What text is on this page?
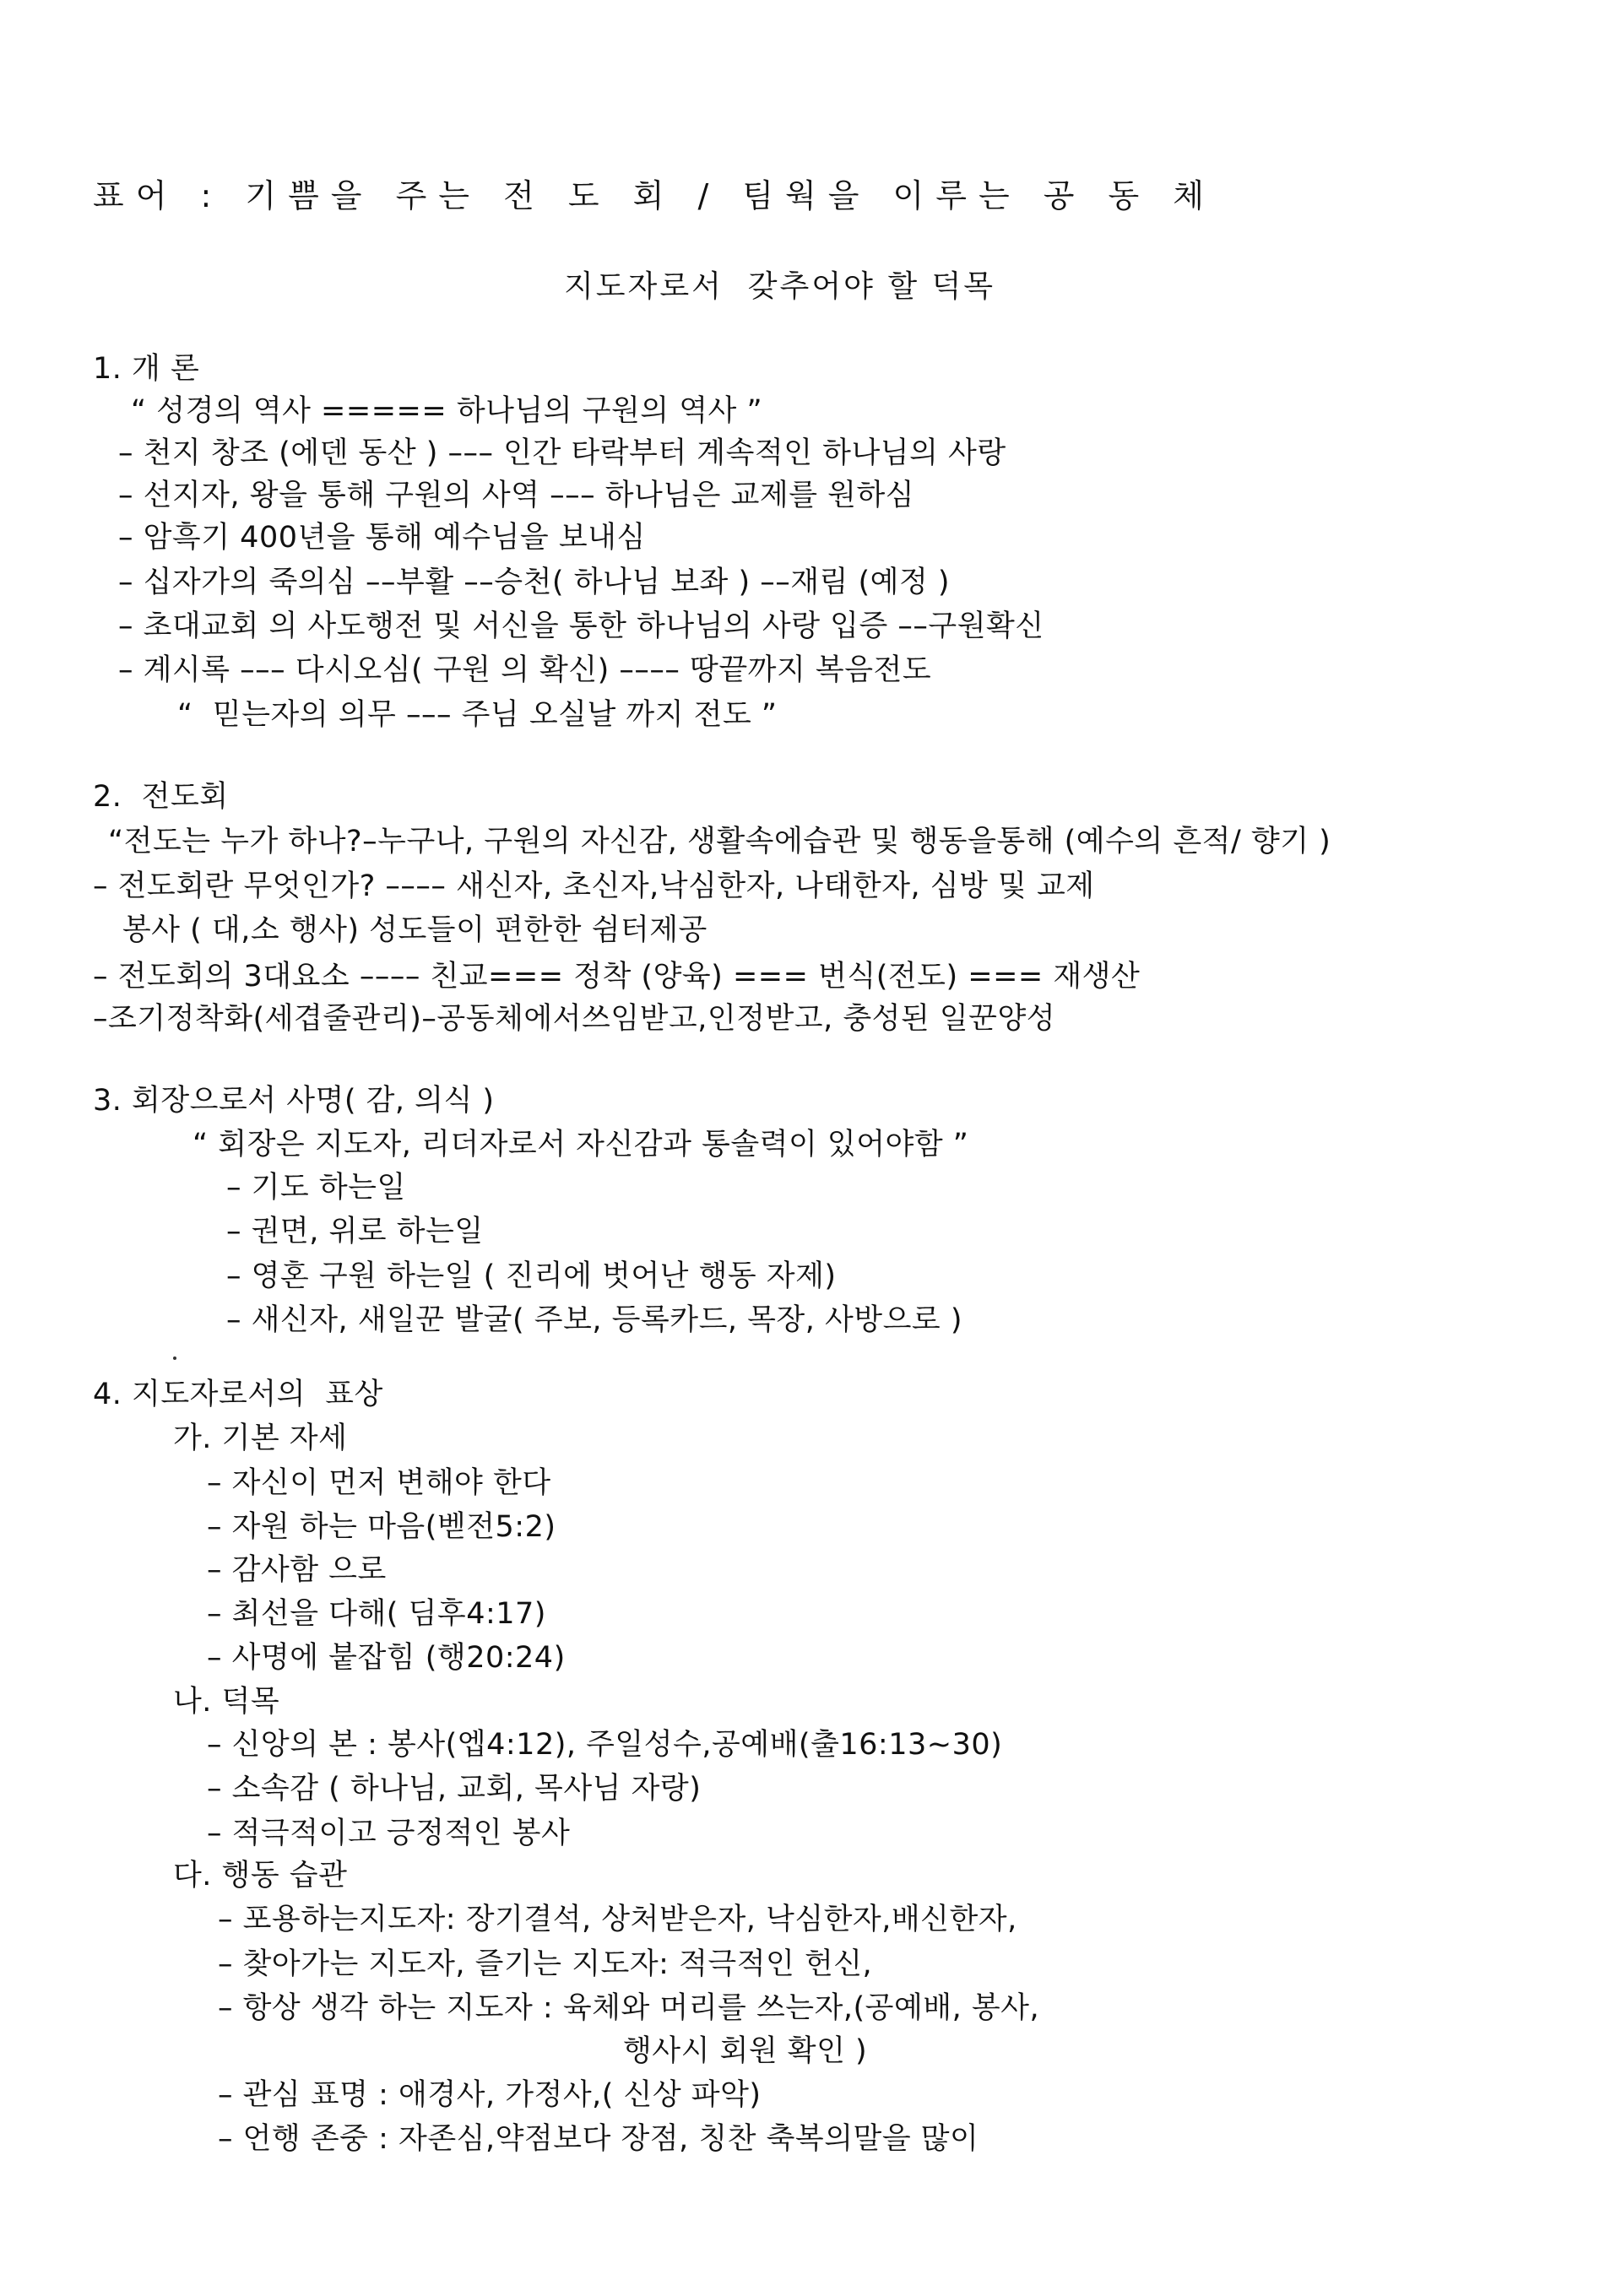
표어 : 기쁨을 주는 전 도 회 / 팀웍을 이루는 공 동 체
지도자로서  갖추어야 할 덕목
1. 개 론
“ 성경의 역사 ===== 하나님의 구원의 역사 ”
– 천지 창조 (에덴 동산 ) ––– 인간 타락부터 계속적인 하나님의 사랑
– 선지자, 왕을 통해 구원의 사역 ––– 하나님은 교제를 원하심
– 암흑기 400년을 통해 예수님을 보내심
– 십자가의 죽의심 ––부활 ––승천( 하나님 보좌 ) ––재림 (예정 )
– 초대교회 의 사도행전 및 서신을 통한 하나님의 사랑 입증 ––구원확신
– 계시록 ––– 다시오심( 구원 의 확신) –––– 땅끝까지 복음전도
“  믿는자의 의무 ––– 주님 오실날 까지 전도 ”
2.  전도회
“전도는 누가 하나?–누구나, 구원의 자신감, 생활속에습관 및 행동을통해 (예수의 흔적/ 향기 )
– 전도회란 무엇인가? –––– 새신자, 초신자,낙심한자, 나태한자, 심방 및 교제
봉사 ( 대,소 행사) 성도들이 편한한 쉼터제공
– 전도회의 3대요소 –––– 친교=== 정착 (양육) === 번식(전도) === 재생산
–조기정착화(세겹줄관리)–공동체에서쓰임받고,인정받고, 충성된 일꾼양성
3. 회장으로서 사명( 감, 의식 )
“ 회장은 지도자, 리더자로서 자신감과 통솔력이 있어야함 ”
– 기도 하는일
– 권면, 위로 하는일
– 영혼 구원 하는일 ( 진리에 벗어난 행동 자제)
– 새신자, 새일꾼 발굴( 주보, 등록카드, 목장, 사방으로 )
4. 지도자로서의  표상
가. 기본 자세
– 자신이 먼저 변해야 한다
– 자원 하는 마음(벧전5:2)
– 감사함 으로
– 최선을 다해( 딤후4:17)
– 사명에 붙잡힘 (행20:24)
나. 덕목
– 신앙의 본 : 봉사(엡4:12), 주일성수,공예배(출16:13~30)
– 소속감 ( 하나님, 교회, 목사님 자랑)
– 적극적이고 긍정적인 봉사
다. 행동 습관
– 포용하는지도자: 장기결석, 상처받은자, 낙심한자,배신한자,
– 찾아가는 지도자, 즐기는 지도자: 적극적인 헌신,
– 항상 생각 하는 지도자 : 육체와 머리를 쓰는자,(공예배, 봉사,
행사시 회원 확인 )
– 관심 표명 : 애경사, 가정사,( 신상 파악)
– 언행 존중 : 자존심,약점보다 장점, 칭찬 축복의말을 많이
